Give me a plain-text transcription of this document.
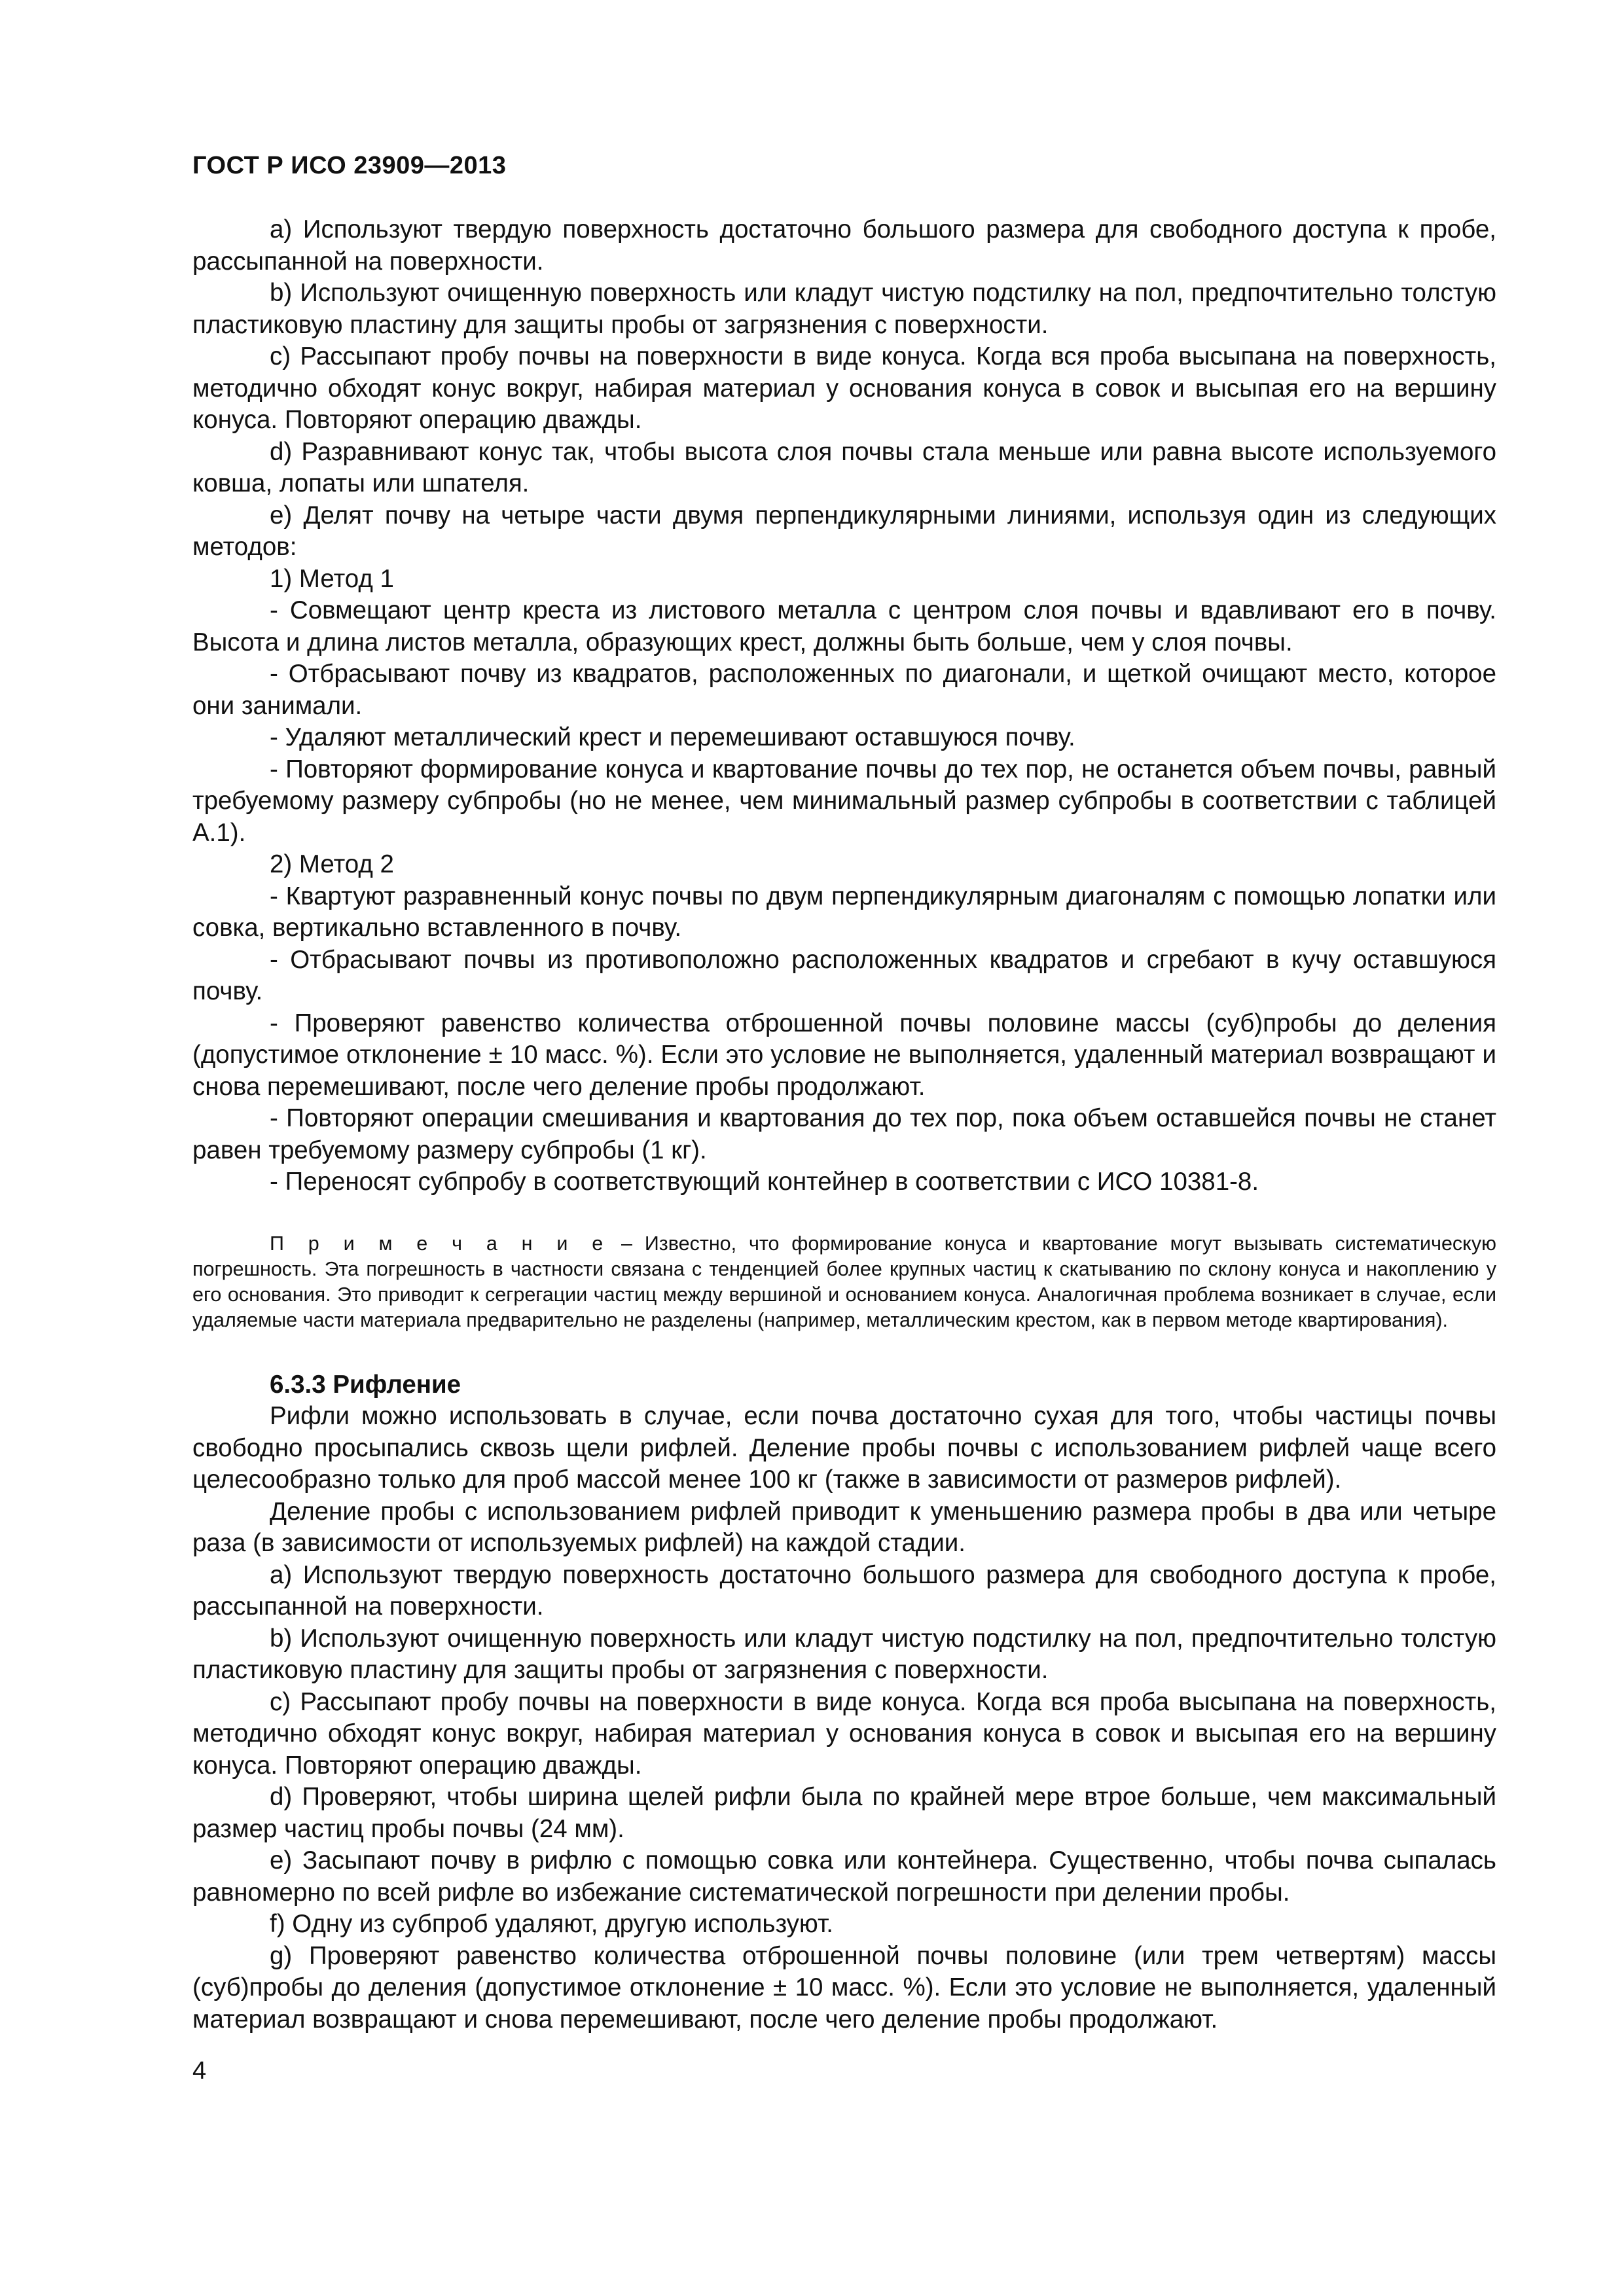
ГОСТ Р ИСО 23909—2013

a) Используют твердую поверхность достаточно большого размера для свободного доступа к пробе, рассыпанной на поверхности.

b) Используют очищенную поверхность или кладут чистую подстилку на пол, предпочтительно толстую пластиковую пластину для защиты пробы от загрязнения с поверхности.

c) Рассыпают пробу почвы на поверхности в виде конуса. Когда вся проба высыпана на поверхность, методично обходят конус вокруг, набирая материал у основания конуса в совок и высыпая его на вершину конуса. Повторяют операцию дважды.

d) Разравнивают конус так, чтобы высота слоя почвы стала меньше или равна высоте используемого ковша, лопаты или шпателя.

e) Делят почву на четыре части двумя перпендикулярными линиями, используя один из следующих методов:

1) Метод 1

- Совмещают центр креста из листового металла с центром слоя почвы и вдавливают его в почву. Высота и длина листов металла, образующих крест, должны быть больше, чем у слоя почвы.

- Отбрасывают почву из квадратов, расположенных по диагонали, и щеткой очищают место, которое они занимали.

- Удаляют металлический крест и перемешивают оставшуюся почву.

- Повторяют формирование конуса и квартование почвы до тех пор, не останется объем почвы, равный требуемому размеру субпробы (но не менее, чем минимальный размер субпробы в соответствии с таблицей А.1).

2) Метод 2

- Квартуют разравненный конус почвы по двум перпендикулярным диагоналям с помощью лопатки или совка, вертикально вставленного в почву.

- Отбрасывают почвы из противоположно расположенных квадратов и сгребают в кучу оставшуюся почву.

- Проверяют равенство количества отброшенной почвы половине массы (суб)пробы до деления (допустимое отклонение ± 10 масс. %). Если это условие не выполняется, удаленный материал возвращают и снова перемешивают, после чего деление пробы продолжают.

- Повторяют операции смешивания и квартования до тех пор, пока объем оставшейся почвы не станет равен требуемому размеру субпробы (1 кг).

- Переносят субпробу в соответствующий контейнер в соответствии с ИСО 10381-8.

П р и м е ч а н и е – Известно, что формирование конуса и квартование могут вызывать систематическую погрешность. Эта погрешность в частности связана с тенденцией более крупных частиц к скатыванию по склону конуса и накоплению у его основания. Это приводит к сегрегации частиц между вершиной и основанием конуса. Аналогичная проблема возникает в случае, если удаляемые части материала предварительно не разделены (например, металлическим крестом, как в первом методе квартирования).

6.3.3 Рифление

Рифли можно использовать в случае, если почва достаточно сухая для того, чтобы частицы почвы свободно просыпались сквозь щели рифлей. Деление пробы почвы с использованием рифлей чаще всего целесообразно только для проб массой менее 100 кг (также в зависимости от размеров рифлей).

Деление пробы с использованием рифлей приводит к уменьшению размера пробы в два или четыре раза (в зависимости от используемых рифлей) на каждой стадии.

a) Используют твердую поверхность достаточно большого размера для свободного доступа к пробе, рассыпанной на поверхности.

b) Используют очищенную поверхность или кладут чистую подстилку на пол, предпочтительно толстую пластиковую пластину для защиты пробы от загрязнения с поверхности.

c) Рассыпают пробу почвы на поверхности в виде конуса. Когда вся проба высыпана на поверхность, методично обходят конус вокруг, набирая материал у основания конуса в совок и высыпая его на вершину конуса. Повторяют операцию дважды.

d) Проверяют, чтобы ширина щелей рифли была по крайней мере втрое больше, чем максимальный размер частиц пробы почвы (24 мм).

e) Засыпают почву в рифлю с помощью совка или контейнера. Существенно, чтобы почва сыпалась равномерно по всей рифле во избежание систематической погрешности при делении пробы.

f) Одну из субпроб удаляют, другую используют.

g) Проверяют равенство количества отброшенной почвы половине (или трем четвертям) массы (суб)пробы до деления (допустимое отклонение ± 10 масс. %). Если это условие не выполняется, удаленный материал возвращают и снова перемешивают, после чего деление пробы продолжают.

4
